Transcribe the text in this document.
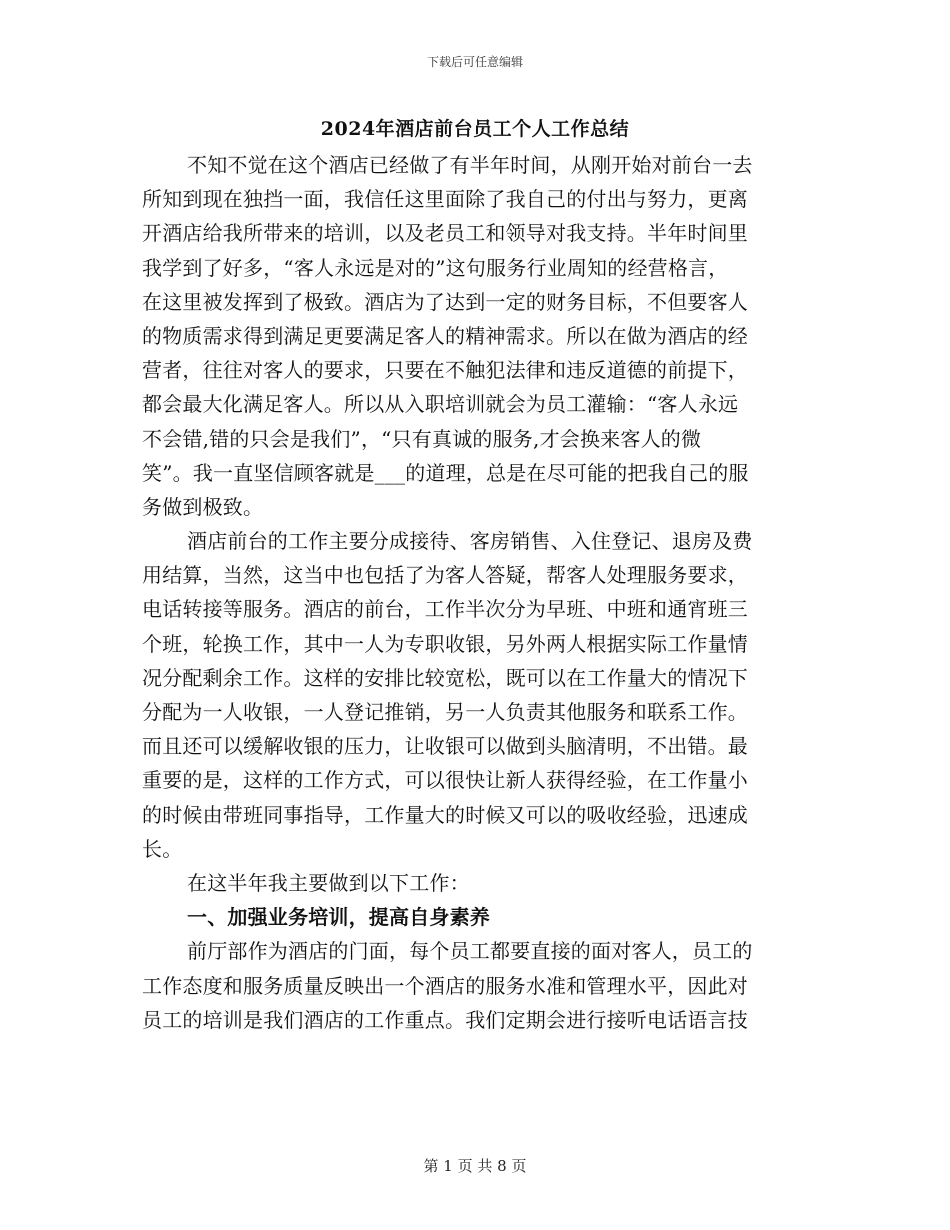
下载后可任意编辑
2024年酒店前台员工个人工作总结
不知不觉在这个酒店已经做了有半年时间，从刚开始对前台一去
所知到现在独挡一面，我信任这里面除了我自己的付出与努力，更离
开酒店给我所带来的培训，以及老员工和领导对我支持。半年时间里
我学到了好多，“客人永远是对的”这句服务行业周知的经营格言，
在这里被发挥到了极致。酒店为了达到一定的财务目标，不但要客人
的物质需求得到满足更要满足客人的精神需求。所以在做为酒店的经
营者，往往对客人的要求，只要在不触犯法律和违反道德的前提下，
都会最大化满足客人。所以从入职培训就会为员工灌输：“客人永远
不会错,错的只会是我们”，“只有真诚的服务,才会换来客人的微
笑”。我一直坚信顾客就是___的道理，总是在尽可能的把我自己的服
务做到极致。
酒店前台的工作主要分成接待、客房销售、入住登记、退房及费
用结算，当然，这当中也包括了为客人答疑，帮客人处理服务要求，
电话转接等服务。酒店的前台，工作半次分为早班、中班和通宵班三
个班，轮换工作，其中一人为专职收银，另外两人根据实际工作量情
况分配剩余工作。这样的安排比较宽松，既可以在工作量大的情况下
分配为一人收银，一人登记推销，另一人负责其他服务和联系工作。
而且还可以缓解收银的压力，让收银可以做到头脑清明，不出错。最
重要的是，这样的工作方式，可以很快让新人获得经验，在工作量小
的时候由带班同事指导，工作量大的时候又可以的吸收经验，迅速成
长。
在这半年我主要做到以下工作：
一、加强业务培训，提高自身素养
前厅部作为酒店的门面，每个员工都要直接的面对客人，员工的
工作态度和服务质量反映出一个酒店的服务水准和管理水平，因此对
员工的培训是我们酒店的工作重点。我们定期会进行接听电话语言技
第 1 页 共 8 页
